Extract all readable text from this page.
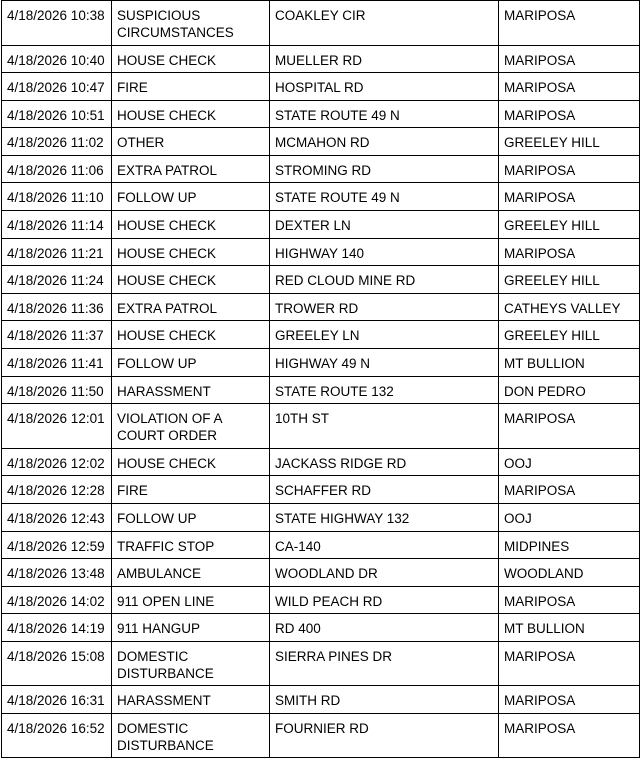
4/18/2026 10:38	SUSPICIOUS CIRCUMSTANCES	COAKLEY CIR	MARIPOSA
4/18/2026 10:40	HOUSE CHECK	MUELLER RD	MARIPOSA
4/18/2026 10:47	FIRE	HOSPITAL RD	MARIPOSA
4/18/2026 10:51	HOUSE CHECK	STATE ROUTE 49 N	MARIPOSA
4/18/2026 11:02	OTHER	MCMAHON RD	GREELEY HILL
4/18/2026 11:06	EXTRA PATROL	STROMING RD	MARIPOSA
4/18/2026 11:10	FOLLOW UP	STATE ROUTE 49 N	MARIPOSA
4/18/2026 11:14	HOUSE CHECK	DEXTER LN	GREELEY HILL
4/18/2026 11:21	HOUSE CHECK	HIGHWAY 140	MARIPOSA
4/18/2026 11:24	HOUSE CHECK	RED CLOUD MINE RD	GREELEY HILL
4/18/2026 11:36	EXTRA PATROL	TROWER RD	CATHEYS VALLEY
4/18/2026 11:37	HOUSE CHECK	GREELEY LN	GREELEY HILL
4/18/2026 11:41	FOLLOW UP	HIGHWAY 49 N	MT BULLION
4/18/2026 11:50	HARASSMENT	STATE ROUTE 132	DON PEDRO
4/18/2026 12:01	VIOLATION OF A COURT ORDER	10TH ST	MARIPOSA
4/18/2026 12:02	HOUSE CHECK	JACKASS RIDGE RD	OOJ
4/18/2026 12:28	FIRE	SCHAFFER RD	MARIPOSA
4/18/2026 12:43	FOLLOW UP	STATE HIGHWAY 132	OOJ
4/18/2026 12:59	TRAFFIC STOP	CA-140	MIDPINES
4/18/2026 13:48	AMBULANCE	WOODLAND DR	WOODLAND
4/18/2026 14:02	911 OPEN LINE	WILD PEACH RD	MARIPOSA
4/18/2026 14:19	911 HANGUP	RD 400	MT BULLION
4/18/2026 15:08	DOMESTIC DISTURBANCE	SIERRA PINES DR	MARIPOSA
4/18/2026 16:31	HARASSMENT	SMITH RD	MARIPOSA
4/18/2026 16:52	DOMESTIC DISTURBANCE	FOURNIER RD	MARIPOSA
